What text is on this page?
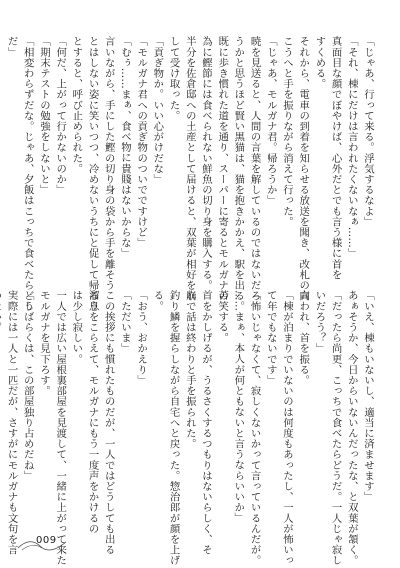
「じゃあ、行って来る。浮気するなよ」
「それ、棟にだけは言われたくないなぁ……」
真面目な顔でぼやけば、心外だとでも言う様に首を
すくめる。
それから、電車の到着を知らせる放送を聞き、改札の向
こうへと手を振りながら消えて行った。
「じゃあ、モルガナ君。帰ろうか」
暁を見送ると、人間の言葉を解しているのではないだろ
うかと思うほど賢い黒猫は、猫を抱きかかえ、駅を出る。
既に歩き慣れた道を通り、スーパーに寄るとモルガナの
為に鰹節には食べられない鮮魚の切り身を購入する。
半分を佐倉邸への土産として届けると、双葉が相好を崩
して受け取った。
「貢ぎ物か。いい心がけだな」
「モルガナ君への貢ぎ物のついでですけど」
「むぅ……まぁ、食べ物に貴賤はないからな」
言いながら、手にした鰹の切り身の袋から手を離そう
とはしない姿に笑いつつ、冷めないうちにと促して帰ろう
とすると、呼び止められた。
「何だ、上がって行かないのか」
「期末テストの勉強をしないと」
「相変わらずだな。じゃあ、夕飯はこっちで食べたらどう
だ」
「いえ、棟もいないし、適当に済ませます」
あぁそうか、今日からいないんだったな、と双葉が頷く。
「だったら尚更、こっちで食べたらどうだ。一人じゃ寂し
いだろう？」
言われ、首を振る。
「棟が泊まりでいないのは何度もあったし、一人が怖いっ
て年でもないです」
「怖いじゃなくて、寂しくないかって言っているんだが。
……まぁ、本人が何ともないと言うならいいか」
苦笑する。
首をかしげるが、うるさくするつもりはないらしく、そ
れで話は終わりと手を振られた。
釣り鱗を握らしながら自宅へと戻った。惣治郎が顔を上げ
る。
「おう、おかえり」
「ただいま」
この挨拶にも慣れたものだが、一人ではどうしても出る
溜息をこらえて、モルガナにもう一度声をかけるの
は少し寂しい。
一人では広い屋根裏部屋を見渡して、一緒に上がって来た
モルガナを見下ろす。
「しばらくは、この部屋独り占めだね」
実際には一人と一匹だが、さすがにモルガナも文句を言	009
